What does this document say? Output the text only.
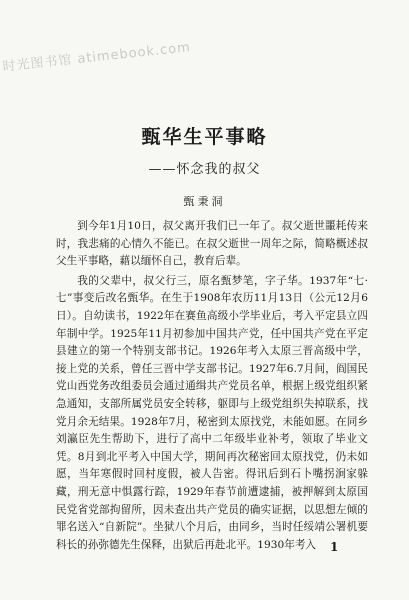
时光图书馆 atimebook.com
甄华生平事略
——怀念我的叔父
甄秉洞

到今年1月10日，叔父离开我们已一年了。叔父逝世噩耗传来时，我悲痛的心情久不能已。在叔父逝世一周年之际，简略概述叔父生平事略，藉以缅怀自己，教育后辈。

我的父辈中，叔父行三，原名甄梦笔，字子华。1937年“七·七”事变后改名甄华。在生于1908年农历11月13日（公元12月6日）。自幼读书，1922年在赛鱼高级小学毕业后，考入平定县立四年制中学。1925年11月初参加中国共产党，任中国共产党在平定县建立的第一个特别支部书记。1926年考入太原三晋高级中学，接上党的关系，曾任三晋中学支部书记。1927年6.7月间，阎国民党山西党务改组委员会通过通缉共产党员名单，根据上级党组织紧急通知，支部所属党员安全转移，躯即与上级党组织失掉联系，找党月余无结果。1928年7月，秘密到太原找党，未能如愿。在同乡刘瀛臣先生帮助下，进行了高中二年级毕业补考，领取了毕业文凭。8月到北平考入中国大学，期间再次秘密回太原找党，仍未如愿，当年寒假时回村度假，被人告密。得讯后到石卜嘴拐涧家躲藏，刑无意中惧露行踪，1929年春节前遭逮捕，被押解到太原国民党省党部拘留所，因未查出共产党员的确实证据，以思想左倾的罪名送入“自新院”。坐狱八个月后，由同乡，当时任绥靖公署机要科长的孙弥德先生保释，出狱后再赴北平。1930年考入	1
